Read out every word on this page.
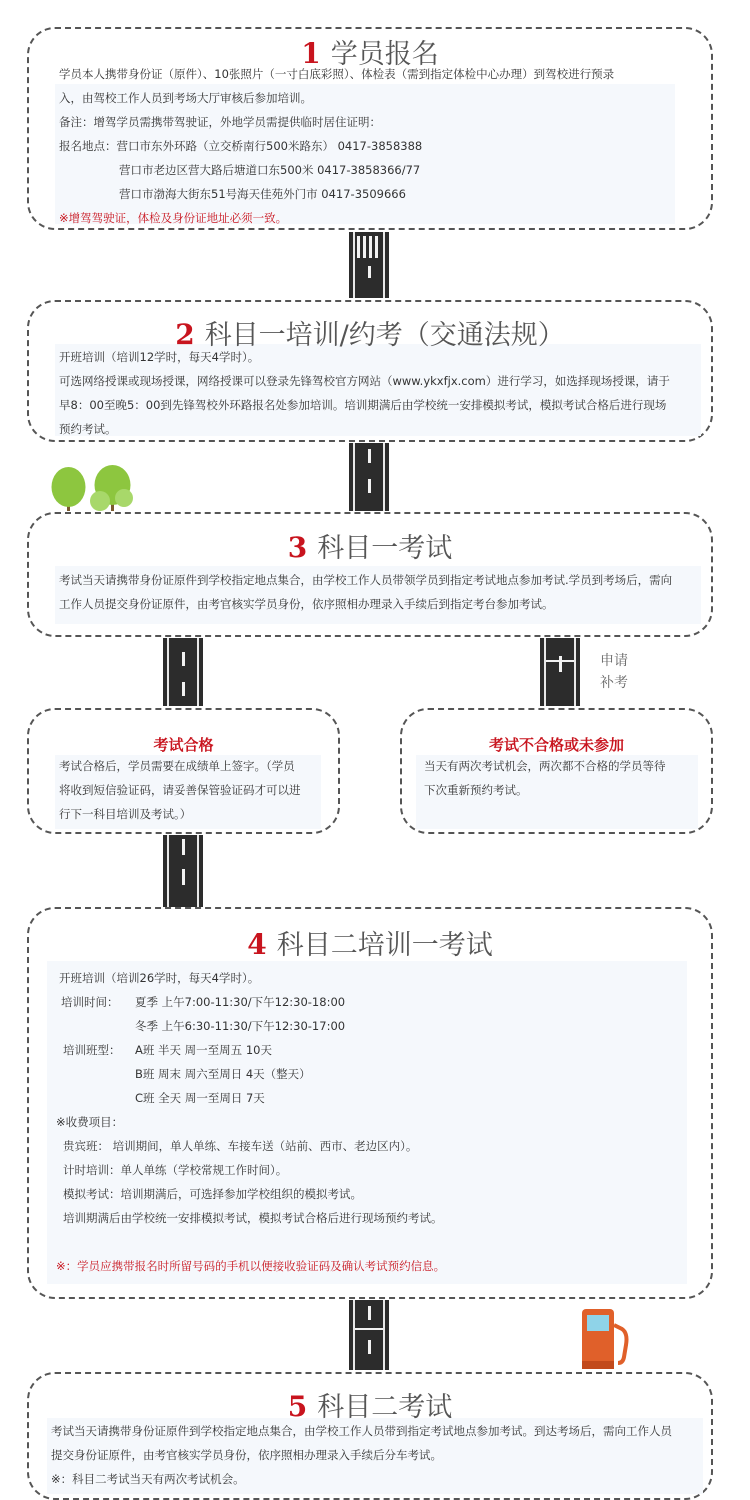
1 学员报名
学员本人携带身份证（原件）、10张照片（一寸白底彩照）、体检表（需到指定体检中心办理）到驾校进行预录
入，由驾校工作人员到考场大厅审核后参加培训。
备注：增驾学员需携带驾驶证，外地学员需提供临时居住证明：
报名地点：营口市东外环路（立交桥南行500米路东） 0417-3858388
营口市老边区营大路后塘道口东500米 0417-3858366/77
营口市渤海大街东51号海天佳苑外门市 0417-3509666
※增驾驾驶证，体检及身份证地址必须一致。
2 科目一培训/约考（交通法规）
开班培训（培训12学时，每天4学时）。
可选网络授课或现场授课，网络授课可以登录先锋驾校官方网站（www.ykxfjx.com）进行学习，如选择现场授课，请于
早8：00至晚5：00到先锋驾校外环路报名处参加培训。培训期满后由学校统一安排模拟考试，模拟考试合格后进行现场
预约考试。
3 科目一考试
考试当天请携带身份证原件到学校指定地点集合，由学校工作人员带领学员到指定考试地点参加考试.学员到考场后，需向
工作人员提交身份证原件，由考官核实学员身份，依序照相办理录入手续后到指定考台参加考试。
申请
补考
考试合格
考试合格后，学员需要在成绩单上签字。（学员
将收到短信验证码，请妥善保管验证码才可以进
行下一科目培训及考试。）
考试不合格或未参加
当天有两次考试机会，两次都不合格的学员等待
下次重新预约考试。
4 科目二培训一考试
开班培训（培训26学时，每天4学时）。
培训时间： 夏季 上午7:00-11:30/下午12:30-18:00
冬季 上午6:30-11:30/下午12:30-17:00
培训班型： A班 半天 周一至周五 10天
B班 周末 周六至周日 4天（整天）
C班 全天 周一至周日 7天
※收费项目：
贵宾班： 培训期间，单人单练、车接车送（站前、西市、老边区内）。
计时培训：单人单练（学校常规工作时间）。
模拟考试：培训期满后，可选择参加学校组织的模拟考试。
培训期满后由学校统一安排模拟考试，模拟考试合格后进行现场预约考试。
※：学员应携带报名时所留号码的手机以便接收验证码及确认考试预约信息。
5 科目二考试
考试当天请携带身份证原件到学校指定地点集合，由学校工作人员带到指定考试地点参加考试。到达考场后，需向工作人员
提交身份证原件，由考官核实学员身份，依序照相办理录入手续后分车考试。
※：科目二考试当天有两次考试机会。
